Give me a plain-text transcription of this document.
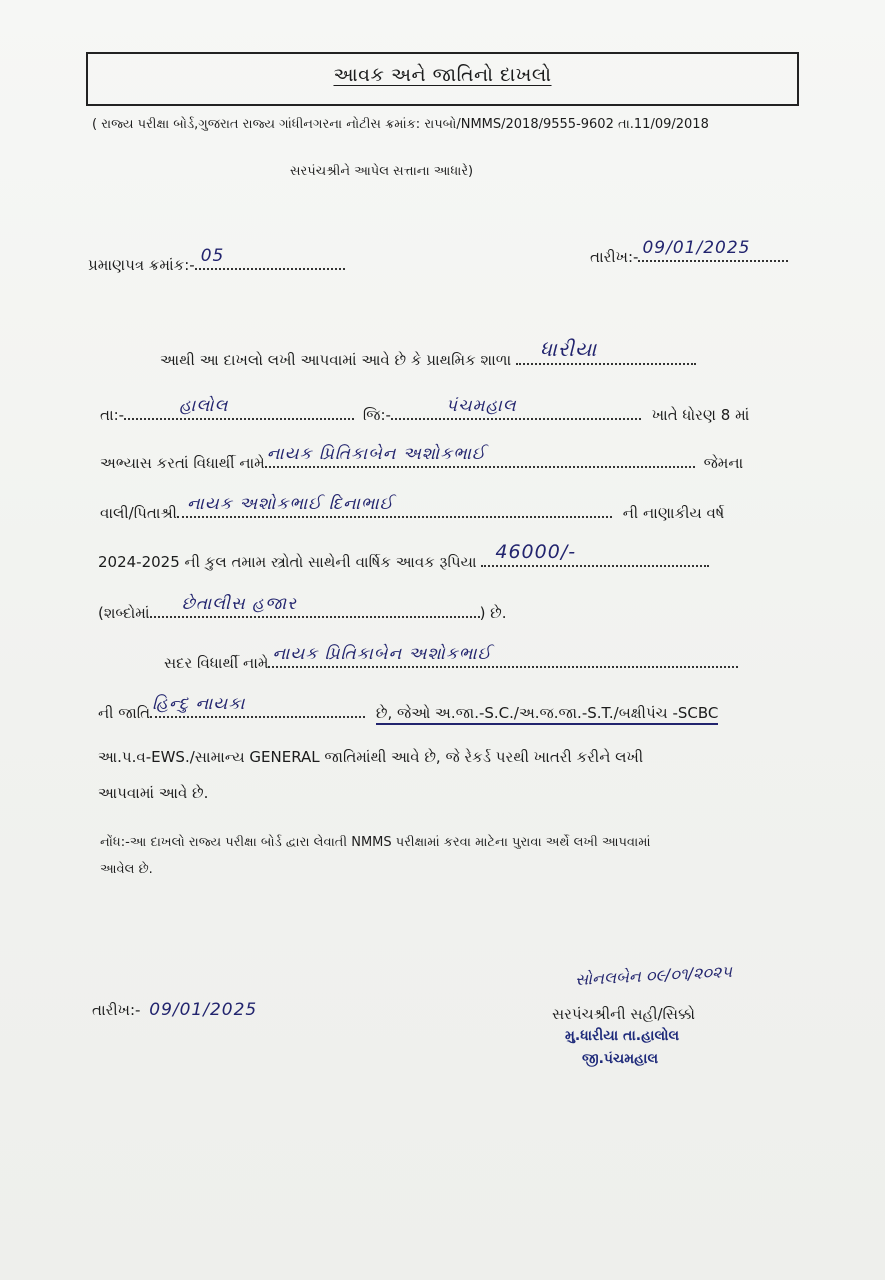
આવક અને જાતિનો દાખલો
( રાજ્ય પરીક્ષા બોર્ડ,ગુજરાત રાજ્ય ગાંધીનગરના નોટીસ ક્રમાંક: રાપબો/NMMS/2018/9555-9602 તા.11/09/2018
સરપંચશ્રીને આપેલ સત્તાના આધારે)
પ્રમાણપત્ર ક્રમાંક:- 05	તારીખ:- 09/01/2025
આથી આ દાખલો લખી આપવામાં આવે છે કે પ્રાથમિક શાળા ધારીયા
તા:-	હાલોલ	જિ:-	પંચમહાલ	ખાતે ધોરણ 8 માં
અભ્યાસ કરતાં વિધાર્થી નામે નાયક પ્રિતિકાબેન અશોકભાઈ	જેમના
વાલી/પિતાશ્રી નાયક અશોકભાઈ દિનાભાઈ	ની નાણાકીય વર્ષ
2024-2025 ની કુલ તમામ સ્ત્રોતો સાથેની વાર્ષિક આવક રૂપિયા 46000/-
(શબ્દોમાં છેતાલીસ હજાર	) છે.
સદર વિધાર્થી નામે નાયક પ્રિતિકાબેન અશોકભાઈ
ની જાતિ હિન્દુ નાયકા	છે, જેઓ અ.જા.-S.C./અ.જ.જા.-S.T./બક્ષીપંચ -SCBC
આ.પ.વ-EWS./સામાન્ય GENERAL જાતિમાંથી આવે છે, જે રેકર્ડ પરથી ખાતરી કરીને લખી
આપવામાં આવે છે.
નોંધ:-આ દાખલો રાજ્ય પરીક્ષા બોર્ડ દ્વારા લેવાતી NMMS પરીક્ષામાં કરવા માટેના પુરાવા અર્થે લખી આપવામાં
આવેલ છે.
તારીખ:- 09/01/2025
સોનલબેન ૦૯/૦૧/૨૦૨૫
સરપંચશ્રીની સહી/સિક્કો
મુ.ધારીયા તા.હાલોલ
જી.પંચમહાલ
